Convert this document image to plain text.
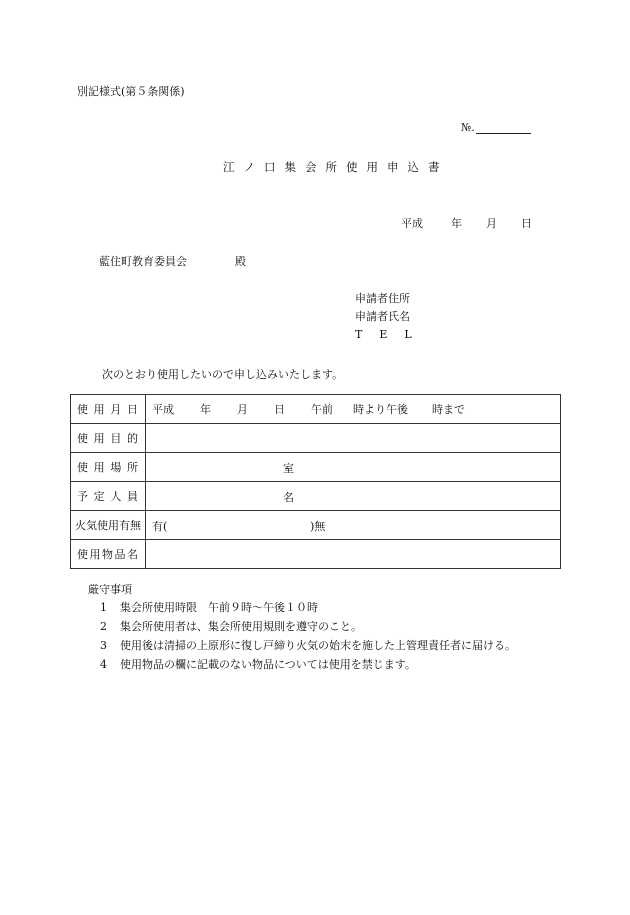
別記様式(第５条関係)
№.
江ノ口集会所使用申込書
平成	年 月 日
藍住町教育委員会	殿
申請者住所
申請者氏名
T E L
次のとおり使用したいので申し込みいたします。
使 用 月 日	平成 年 月 日 午前 時より午後 時まで

使 用 目 的	

使 用 場 所	室

予 定 人 員	名

火気使用有無	有( )無

使 用 物 品 名	

厳守事項
1 集会所使用時限　午前９時～午後１０時
2 集会所使用者は、集会所使用規則を遵守のこと。
3 使用後は清掃の上原形に復し戸締り火気の始末を施した上管理責任者に届ける。
4 使用物品の欄に記載のない物品については使用を禁じます。
